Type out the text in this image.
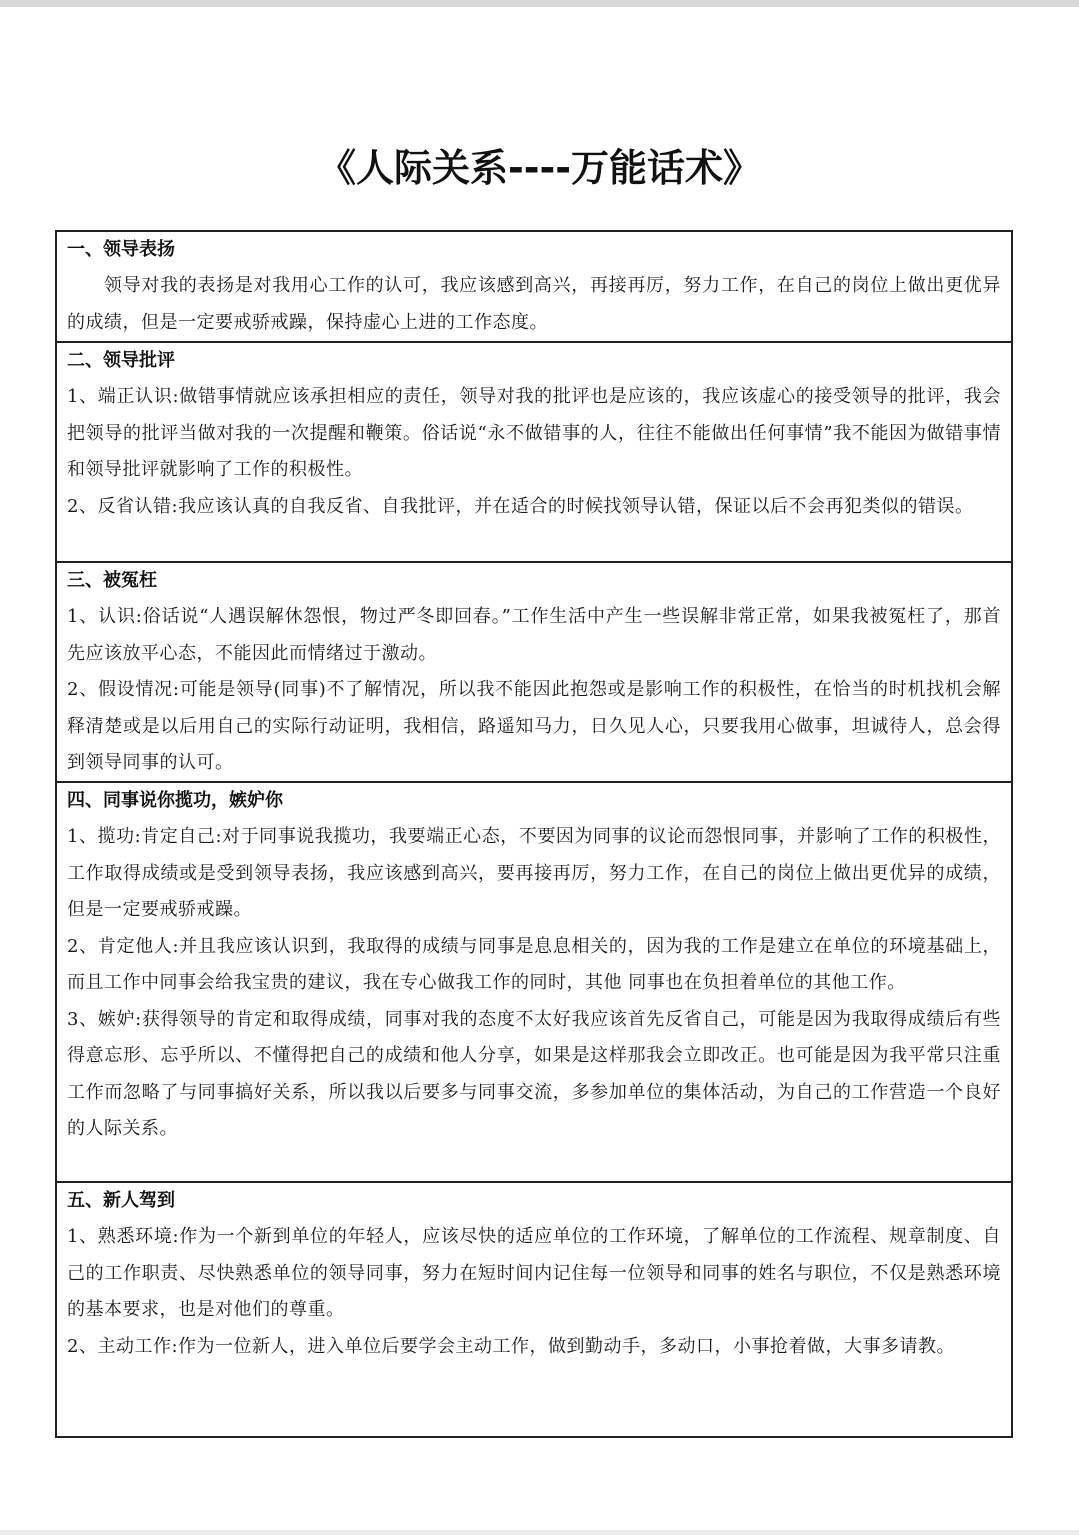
《人际关系----万能话术》
一、领导表扬
领导对我的表扬是对我用心工作的认可，我应该感到高兴，再接再厉，努力工作，在自己的岗位上做出更优异的成绩，但是一定要戒骄戒躁，保持虚心上进的工作态度。
二、领导批评
1、端正认识:做错事情就应该承担相应的责任，领导对我的批评也是应该的，我应该虚心的接受领导的批评，我会把领导的批评当做对我的一次提醒和鞭策。俗话说“永不做错事的人，往往不能做出任何事情”我不能因为做错事情和领导批评就影响了工作的积极性。
2、反省认错:我应该认真的自我反省、自我批评，并在适合的时候找领导认错，保证以后不会再犯类似的错误。
三、被冤枉
1、认识:俗话说“人遇误解休怨恨，物过严冬即回春。”工作生活中产生一些误解非常正常，如果我被冤枉了，那首先应该放平心态，不能因此而情绪过于激动。
2、假设情况:可能是领导(同事)不了解情况，所以我不能因此抱怨或是影响工作的积极性，在恰当的时机找机会解释清楚或是以后用自己的实际行动证明，我相信，路遥知马力，日久见人心，只要我用心做事，坦诚待人，总会得到领导同事的认可。
四、同事说你揽功，嫉妒你
1、揽功:肯定自己:对于同事说我揽功，我要端正心态，不要因为同事的议论而怨恨同事，并影响了工作的积极性，工作取得成绩或是受到领导表扬，我应该感到高兴，要再接再厉，努力工作，在自己的岗位上做出更优异的成绩，但是一定要戒骄戒躁。
2、肯定他人:并且我应该认识到，我取得的成绩与同事是息息相关的，因为我的工作是建立在单位的环境基础上，而且工作中同事会给我宝贵的建议，我在专心做我工作的同时，其他 同事也在负担着单位的其他工作。
3、嫉妒:获得领导的肯定和取得成绩，同事对我的态度不太好我应该首先反省自己，可能是因为我取得成绩后有些得意忘形、忘乎所以、不懂得把自己的成绩和他人分享，如果是这样那我会立即改正。也可能是因为我平常只注重工作而忽略了与同事搞好关系，所以我以后要多与同事交流，多参加单位的集体活动，为自己的工作营造一个良好的人际关系。
五、新人驾到
1、熟悉环境:作为一个新到单位的年轻人，应该尽快的适应单位的工作环境，了解单位的工作流程、规章制度、自己的工作职责、尽快熟悉单位的领导同事，努力在短时间内记住每一位领导和同事的姓名与职位，不仅是熟悉环境的基本要求，也是对他们的尊重。
2、主动工作:作为一位新人，进入单位后要学会主动工作，做到勤动手，多动口，小事抢着做，大事多请教。
